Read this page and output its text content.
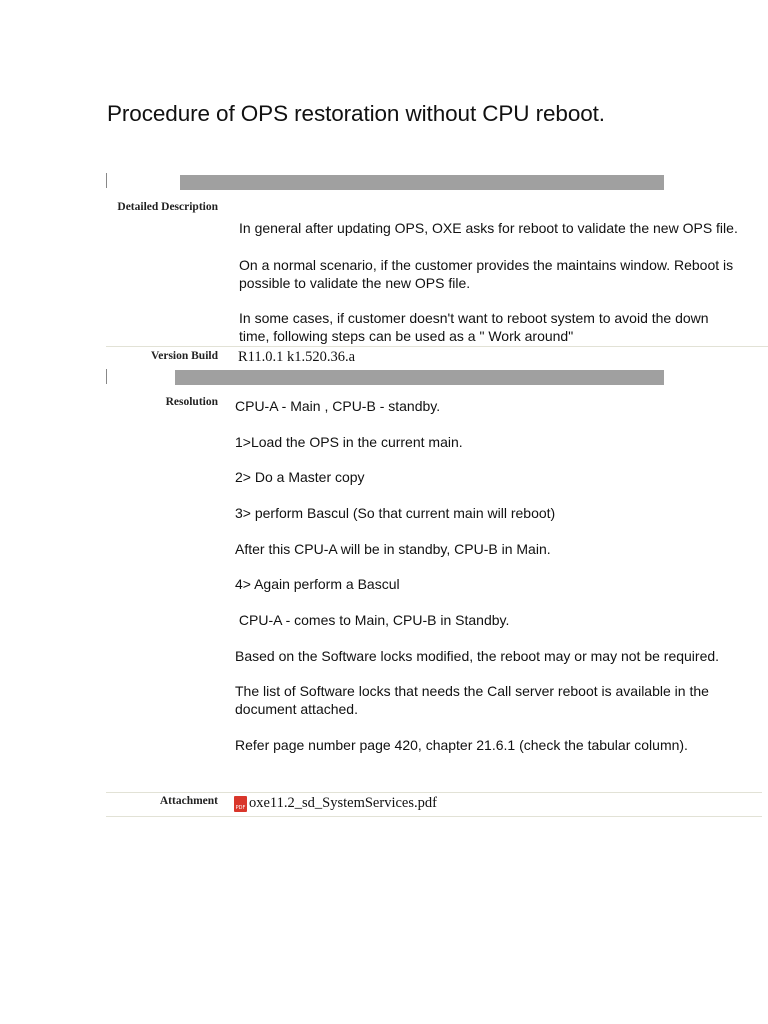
Procedure of OPS restoration without CPU reboot.
Detailed Description
In general after updating OPS, OXE asks for reboot to validate the new OPS file.
On a normal scenario, if the customer provides the maintains window. Reboot is
possible to validate the new OPS file.
In some cases, if customer doesn't want to reboot system to avoid the down
time, following steps can be used as a " Work around"
Version Build R11.0.1 k1.520.36.a
Resolution CPU-A - Main , CPU-B - standby.
1>Load the OPS in the current main.
2> Do a Master copy
3> perform Bascul (So that current main will reboot)
After this CPU-A will be in standby, CPU-B in Main.
4> Again perform a Bascul
CPU-A - comes to Main, CPU-B in Standby.
Based on the Software locks modified, the reboot may or may not be required.
The list of Software locks that needs the Call server reboot is available in the
document attached.
Refer page number page 420, chapter 21.6.1 (check the tabular column).
Attachment
PDF oxe11.2_sd_SystemServices.pdf
